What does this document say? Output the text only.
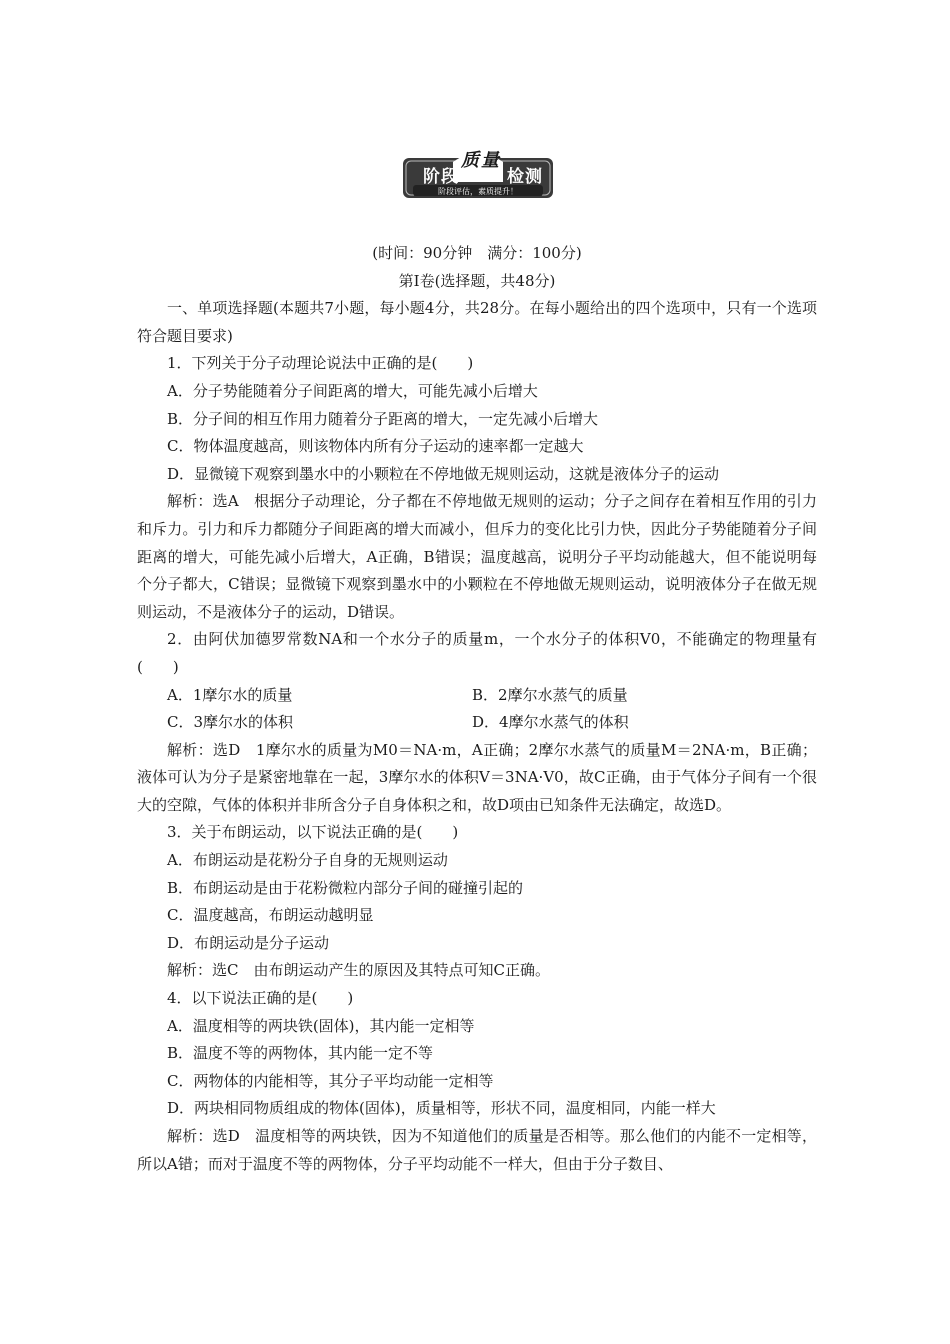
阶段
质量
检测
阶段评估，素质提升！
(时间：90分钟　满分：100分)
第Ⅰ卷(选择题，共48分)
一、单项选择题(本题共7小题，每小题4分，共28分。在每小题给出的四个选项中，只有一个选项符合题目要求)
1．下列关于分子动理论说法中正确的是(　　)
A．分子势能随着分子间距离的增大，可能先减小后增大
B．分子间的相互作用力随着分子距离的增大，一定先减小后增大
C．物体温度越高，则该物体内所有分子运动的速率都一定越大
D．显微镜下观察到墨水中的小颗粒在不停地做无规则运动，这就是液体分子的运动
解析：选A　根据分子动理论，分子都在不停地做无规则的运动；分子之间存在着相互作用的引力和斥力。引力和斥力都随分子间距离的增大而减小，但斥力的变化比引力快，因此分子势能随着分子间距离的增大，可能先减小后增大，A正确，B错误；温度越高，说明分子平均动能越大，但不能说明每个分子都大，C错误；显微镜下观察到墨水中的小颗粒在不停地做无规则运动，说明液体分子在做无规则运动，不是液体分子的运动，D错误。
2．由阿伏加德罗常数NA和一个水分子的质量m，一个水分子的体积V0，不能确定的物理量有(　　)
A．1摩尔水的质量	B．2摩尔水蒸气的质量
C．3摩尔水的体积	D．4摩尔水蒸气的体积
解析：选D　1摩尔水的质量为M0＝NA·m，A正确；2摩尔水蒸气的质量M＝2NA·m，B正确；液体可认为分子是紧密地靠在一起，3摩尔水的体积V＝3NA·V0，故C正确，由于气体分子间有一个很大的空隙，气体的体积并非所含分子自身体积之和，故D项由已知条件无法确定，故选D。
3．关于布朗运动，以下说法正确的是(　　)
A．布朗运动是花粉分子自身的无规则运动
B．布朗运动是由于花粉微粒内部分子间的碰撞引起的
C．温度越高，布朗运动越明显
D．布朗运动是分子运动
解析：选C　由布朗运动产生的原因及其特点可知C正确。
4．以下说法正确的是(　　)
A．温度相等的两块铁(固体)，其内能一定相等
B．温度不等的两物体，其内能一定不等
C．两物体的内能相等，其分子平均动能一定相等
D．两块相同物质组成的物体(固体)，质量相等，形状不同，温度相同，内能一样大
解析：选D　温度相等的两块铁，因为不知道他们的质量是否相等。那么他们的内能不一定相等，所以A错；而对于温度不等的两物体，分子平均动能不一样大，但由于分子数目、
